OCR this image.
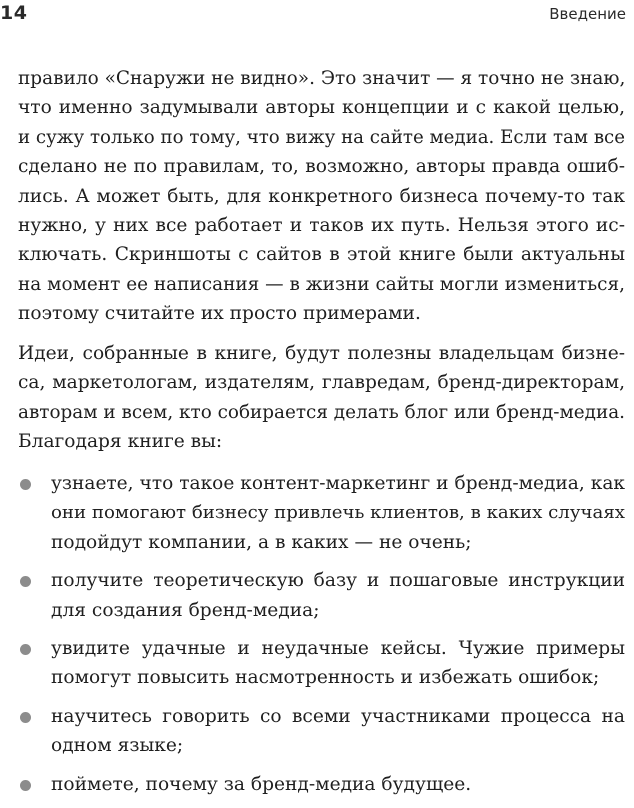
14	Введение

правило «Снаружи не видно». Это значит — я точно не знаю,
что именно задумывали авторы концепции и с какой целью,
и сужу только по тому, что вижу на сайте медиа. Если там все
сделано не по правилам, то, возможно, авторы правда ошиб-
лись. А может быть, для конкретного бизнеса почему-то так
нужно, у них все работает и таков их путь. Нельзя этого ис-
ключать. Скриншоты с сайтов в этой книге были актуальны
на момент ее написания — в жизни сайты могли измениться,
поэтому считайте их просто примерами.

Идеи, собранные в книге, будут полезны владельцам бизне-
са, маркетологам, издателям, главредам, бренд-директорам,
авторам и всем, кто собирается делать блог или бренд-медиа.
Благодаря книге вы:

узнаете, что такое контент-маркетинг и бренд-медиа, как
они помогают бизнесу привлечь клиентов, в каких случаях
подойдут компании, а в каких — не очень;
получите теоретическую базу и пошаговые инструкции
для создания бренд-медиа;
увидите удачные и неудачные кейсы. Чужие примеры
помогут повысить насмотренность и избежать ошибок;
научитесь говорить со всеми участниками процесса на
одном языке;
поймете, почему за бренд-медиа будущее.
